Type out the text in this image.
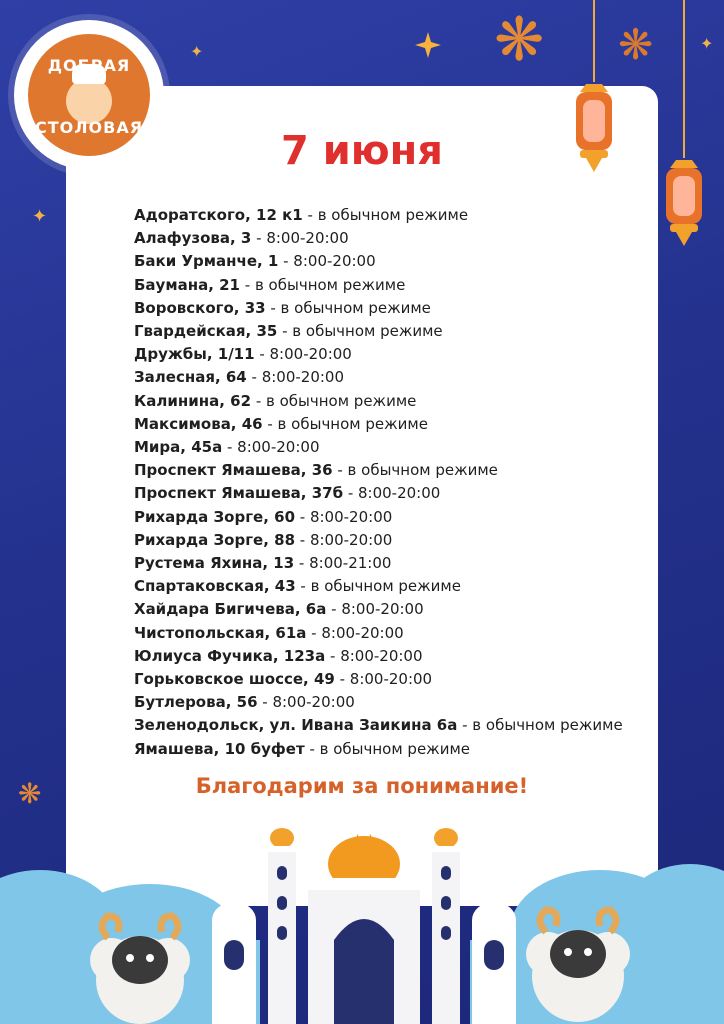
✦
✦
✦
❋
❋ ❋
ДОБРАЯ
СТОЛОВАЯ
7 июня
Адоратского, 12 к1 - в обычном режиме
Алафузова, 3 - 8:00-20:00
Баки Урманче, 1 - 8:00-20:00
Баумана, 21 - в обычном режиме
Воровского, 33 - в обычном режиме
Гвардейская, 35 - в обычном режиме
Дружбы, 1/11 - 8:00-20:00
Залесная, 64 - 8:00-20:00
Калинина, 62 - в обычном режиме
Максимова, 46 - в обычном режиме
Мира, 45а - 8:00-20:00
Проспект Ямашева, 36 - в обычном режиме
Проспект Ямашева, 37б - 8:00-20:00
Рихарда Зорге, 60 - 8:00-20:00
Рихарда Зорге, 88 - 8:00-20:00
Рустема Яхина, 13 - 8:00-21:00
Спартаковская, 43 - в обычном режиме
Хайдара Бигичева, 6а - 8:00-20:00
Чистопольская, 61а - 8:00-20:00
Юлиуса Фучика, 123а - 8:00-20:00
Горьковское шоссе, 49 - 8:00-20:00
Бутлерова, 56 - 8:00-20:00
Зеленодольск, ул. Ивана Заикина 6а - в обычном режиме
Ямашева, 10 буфет - в обычном режиме
Благодарим за понимание!
